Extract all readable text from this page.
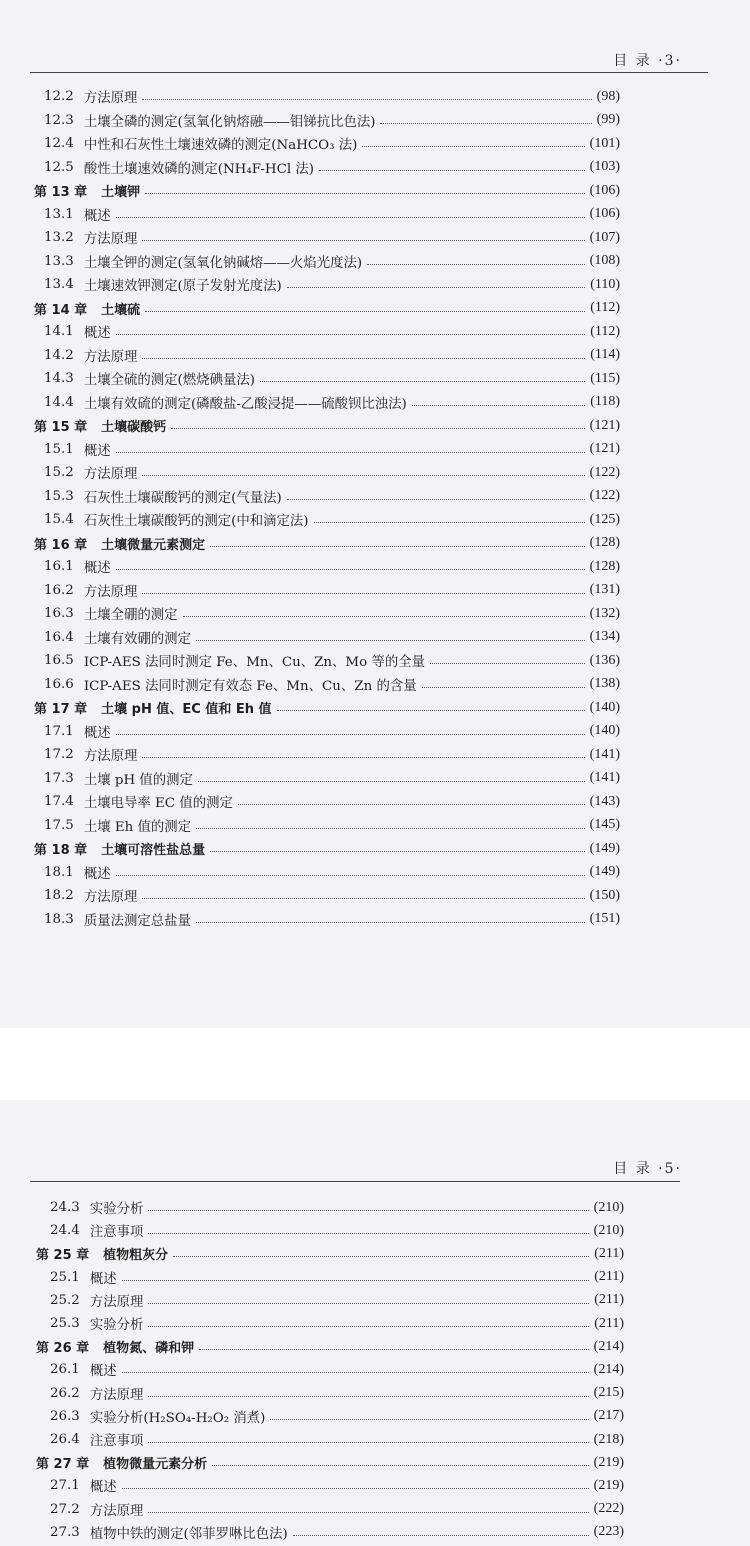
目 录 ·3·
12.2 方法原理	(98)
12.3 土壤全磷的测定(氢氧化钠熔融——钼锑抗比色法)	(99)
12.4 中性和石灰性土壤速效磷的测定(NaHCO₃ 法)	(101)
12.5 酸性土壤速效磷的测定(NH₄F-HCl 法)	(103)
第 13 章 土壤钾	(106)
13.1 概述	(106)
13.2 方法原理	(107)
13.3 土壤全钾的测定(氢氧化钠碱熔——火焰光度法)	(108)
13.4 土壤速效钾测定(原子发射光度法)	(110)
第 14 章 土壤硫	(112)
14.1 概述	(112)
14.2 方法原理	(114)
14.3 土壤全硫的测定(燃烧碘量法)	(115)
14.4 土壤有效硫的测定(磷酸盐-乙酸浸提——硫酸钡比浊法)	(118)
第 15 章 土壤碳酸钙	(121)
15.1 概述	(121)
15.2 方法原理	(122)
15.3 石灰性土壤碳酸钙的测定(气量法)	(122)
15.4 石灰性土壤碳酸钙的测定(中和滴定法)	(125)
第 16 章 土壤微量元素测定	(128)
16.1 概述	(128)
16.2 方法原理	(131)
16.3 土壤全硼的测定	(132)
16.4 土壤有效硼的测定	(134)
16.5 ICP-AES 法同时测定 Fe、Mn、Cu、Zn、Mo 等的全量	(136)
16.6 ICP-AES 法同时测定有效态 Fe、Mn、Cu、Zn 的含量	(138)
第 17 章 土壤 pH 值、EC 值和 Eh 值	(140)
17.1 概述	(140)
17.2 方法原理	(141)
17.3 土壤 pH 值的测定	(141)
17.4 土壤电导率 EC 值的测定	(143)
17.5 土壤 Eh 值的测定	(145)
第 18 章 土壤可溶性盐总量	(149)
18.1 概述	(149)
18.2 方法原理	(150)
18.3 质量法测定总盐量	(151)
目 录 ·5·
24.3 实验分析	(210)
24.4 注意事项	(210)
第 25 章 植物粗灰分	(211)
25.1 概述	(211)
25.2 方法原理	(211)
25.3 实验分析	(211)
第 26 章 植物氮、磷和钾	(214)
26.1 概述	(214)
26.2 方法原理	(215)
26.3 实验分析(H₂SO₄-H₂O₂ 消煮)	(217)
26.4 注意事项	(218)
第 27 章 植物微量元素分析	(219)
27.1 概述	(219)
27.2 方法原理	(222)
27.3 植物中铁的测定(邻菲罗啉比色法)	(223)
